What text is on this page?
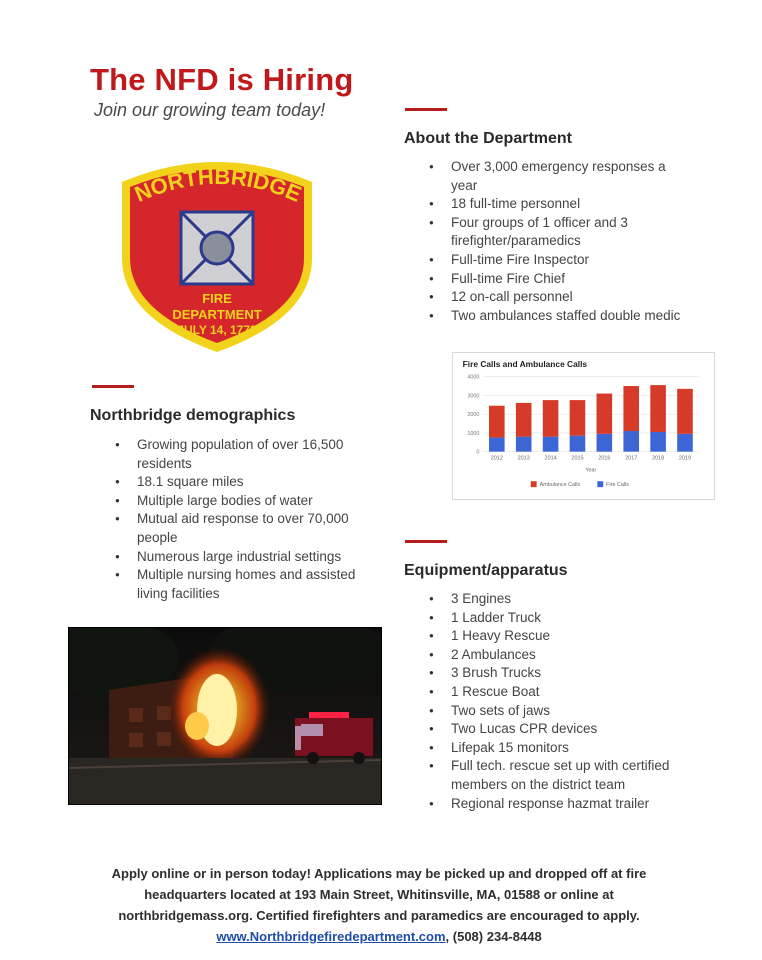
The NFD is Hiring
Join our growing team today!
NORTHBRIDGE
FIRE
DEPARTMENT
JULY 14, 1772
About the Department
● Over 3,000 emergency responses a year
● 18 full-time personnel
● Four groups of 1 officer and 3 firefighter/paramedics
● Full-time Fire Inspector
● Full-time Fire Chief
● 12 on-call personnel
● Two ambulances staffed double medic
Fire Calls and Ambulance Calls
0
1000
2000
3000
4000
2012	2013	2014	2015	2016	2017	2018	2019
Year
Ambulance Calls	Fire Calls
Northbridge demographics
● Growing population of over 16,500 residents
● 18.1 square miles
● Multiple large bodies of water
● Mutual aid response to over 70,000 people
● Numerous large industrial settings
● Multiple nursing homes and assisted living facilities
Equipment/apparatus
● 3 Engines
● 1 Ladder Truck
● 1 Heavy Rescue
● 2 Ambulances
● 3 Brush Trucks
● 1 Rescue Boat
● Two sets of jaws
● Two Lucas CPR devices
● Lifepak 15 monitors
● Full tech. rescue set up with certified members on the district team
● Regional response hazmat trailer
Apply online or in person today! Applications may be picked up and dropped off at fire
headquarters located at 193 Main Street, Whitinsville, MA, 01588 or online at
northbridgemass.org. Certified firefighters and paramedics are encouraged to apply.
www.Northbridgefiredepartment.com, (508) 234-8448
